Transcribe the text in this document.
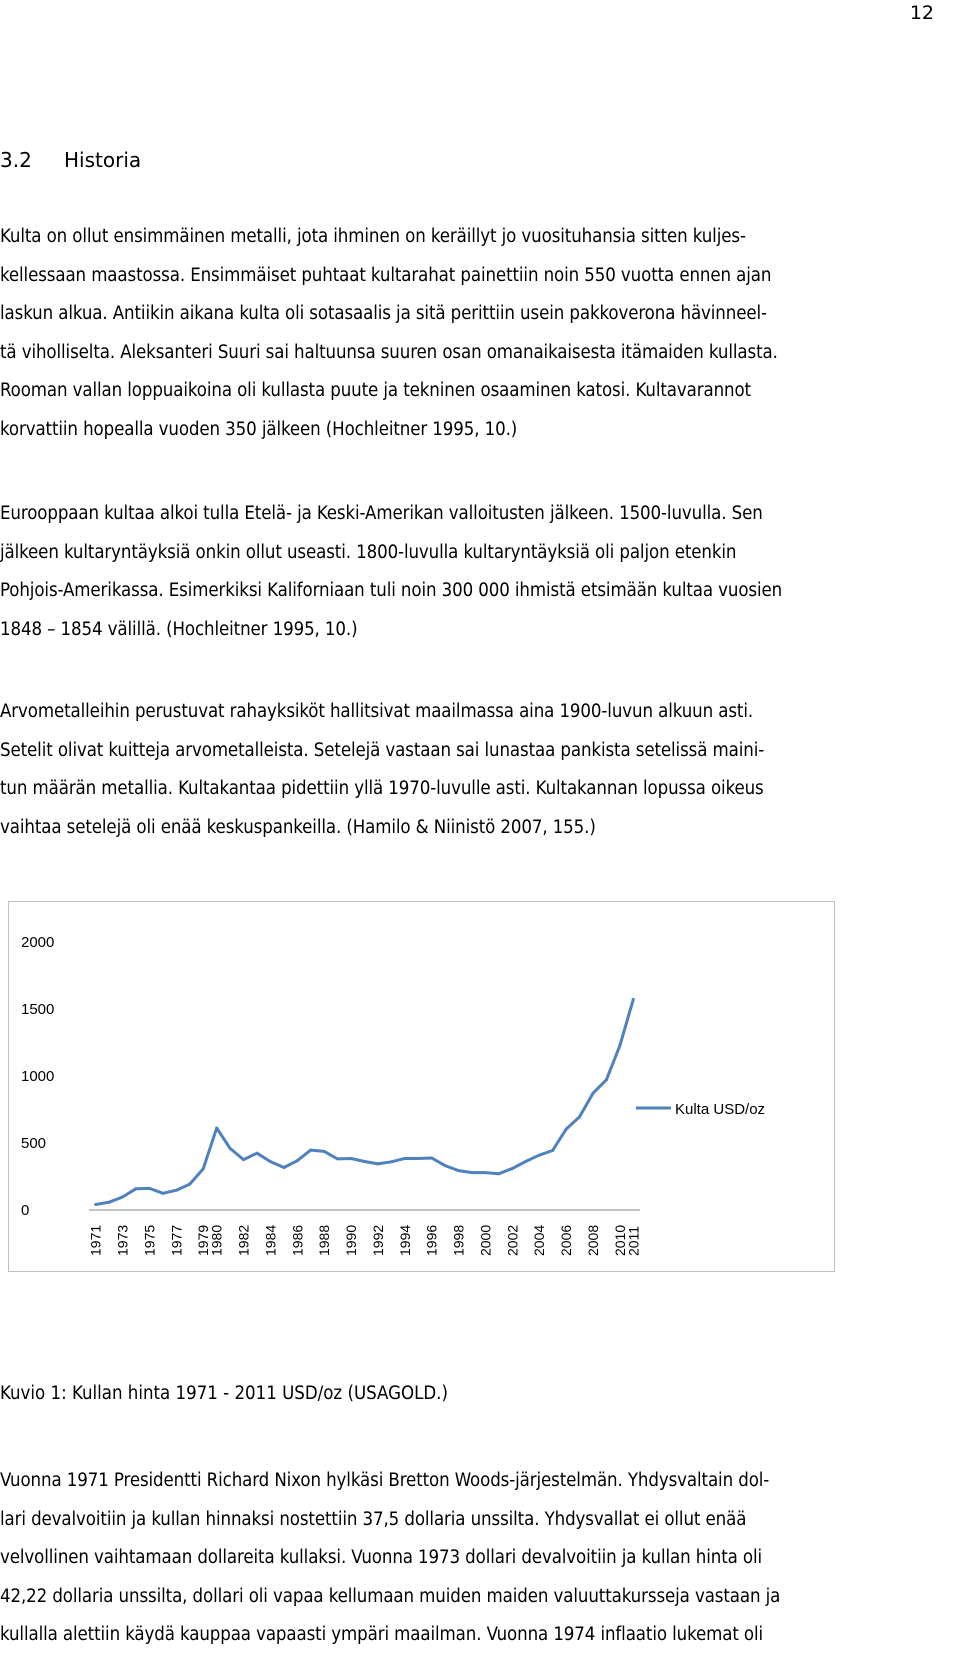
12
3.2 Historia

Kulta on ollut ensimmäinen metalli, jota ihminen on keräillyt jo vuosituhansia sitten kuljes-
kellessaan maastossa. Ensimmäiset puhtaat kultarahat painettiin noin 550 vuotta ennen ajan
laskun alkua. Antiikin aikana kulta oli sotasaalis ja sitä perittiin usein pakkoverona hävinneel-
tä viholliselta. Aleksanteri Suuri sai haltuunsa suuren osan omanaikaisesta itämaiden kullasta.
Rooman vallan loppuaikoina oli kullasta puute ja tekninen osaaminen katosi. Kultavarannot
korvattiin hopealla vuoden 350 jälkeen (Hochleitner 1995, 10.)

Eurooppaan kultaa alkoi tulla Etelä- ja Keski-Amerikan valloitusten jälkeen. 1500-luvulla. Sen
jälkeen kultaryntäyksiä onkin ollut useasti. 1800-luvulla kultaryntäyksiä oli paljon etenkin
Pohjois-Amerikassa. Esimerkiksi Kaliforniaan tuli noin 300 000 ihmistä etsimään kultaa vuosien
1848 – 1854 välillä. (Hochleitner 1995, 10.)

Arvometalleihin perustuvat rahayksiköt hallitsivat maailmassa aina 1900-luvun alkuun asti.
Setelit olivat kuitteja arvometalleista. Setelejä vastaan sai lunastaa pankista setelissä maini-
tun määrän metallia. Kultakantaa pidettiin yllä 1970-luvulle asti. Kultakannan lopussa oikeus
vaihtaa setelejä oli enää keskuspankeilla. (Hamilo & Niinistö 2007, 155.)

0
500
1000
1500
2000
1971 1973 1975 1977 1979
1980 1982 1984 1986 1988 1990 1992 1994 1996 1998 2000 2002 2004 2006 2008 2010
2011
Kulta USD/oz

Kuvio 1: Kullan hinta 1971 - 2011 USD/oz (USAGOLD.)

Vuonna 1971 Presidentti Richard Nixon hylkäsi Bretton Woods-järjestelmän. Yhdysvaltain dol-
lari devalvoitiin ja kullan hinnaksi nostettiin 37,5 dollaria unssilta. Yhdysvallat ei ollut enää
velvollinen vaihtamaan dollareita kullaksi. Vuonna 1973 dollari devalvoitiin ja kullan hinta oli
42,22 dollaria unssilta, dollari oli vapaa kellumaan muiden maiden valuuttakursseja vastaan ja
kullalla alettiin käydä kauppaa vapaasti ympäri maailman. Vuonna 1974 inflaatio lukemat oli
